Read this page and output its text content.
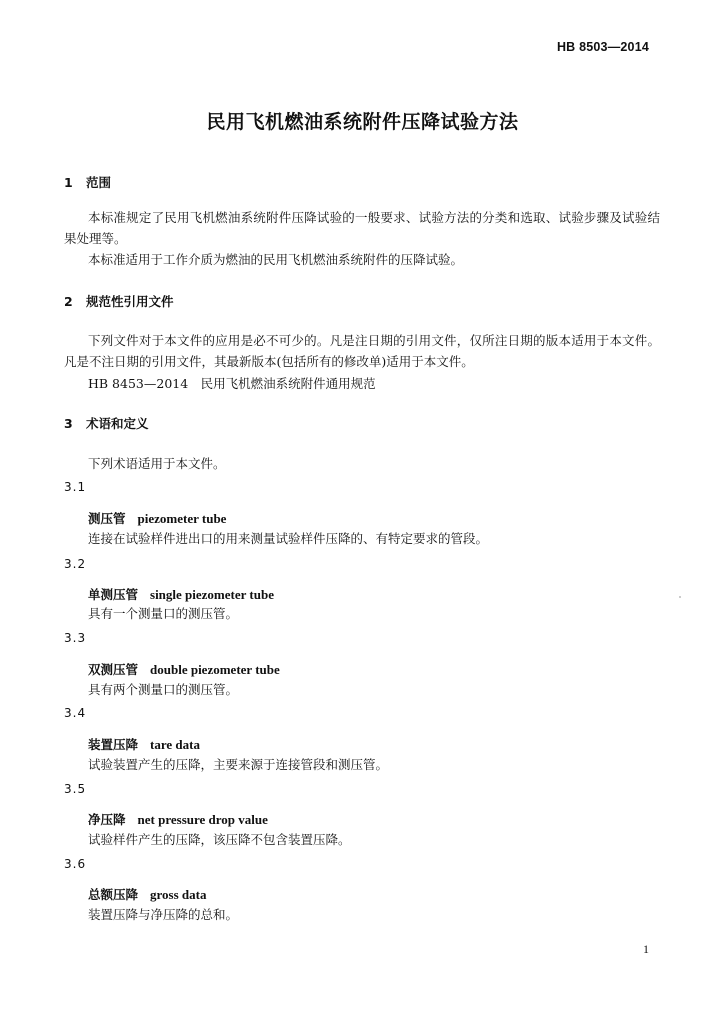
HB 8503—2014
民用飞机燃油系统附件压降试验方法
1 范围
本标准规定了民用飞机燃油系统附件压降试验的一般要求、试验方法的分类和选取、试验步骤及试验结果处理等。
本标准适用于工作介质为燃油的民用飞机燃油系统附件的压降试验。
2 规范性引用文件
下列文件对于本文件的应用是必不可少的。凡是注日期的引用文件，仅所注日期的版本适用于本文件。凡是不注日期的引用文件，其最新版本(包括所有的修改单)适用于本文件。
HB 8453—2014　民用飞机燃油系统附件通用规范
3 术语和定义
下列术语适用于本文件。
3.1
测压管 piezometer tube
连接在试验样件进出口的用来测量试验样件压降的、有特定要求的管段。
3.2
单测压管 single piezometer tube
具有一个测量口的测压管。
3.3
双测压管 double piezometer tube
具有两个测量口的测压管。
3.4
装置压降 tare data
试验装置产生的压降，主要来源于连接管段和测压管。
3.5
净压降 net pressure drop value
试验样件产生的压降，该压降不包含装置压降。
3.6
总额压降 gross data
装置压降与净压降的总和。
1
